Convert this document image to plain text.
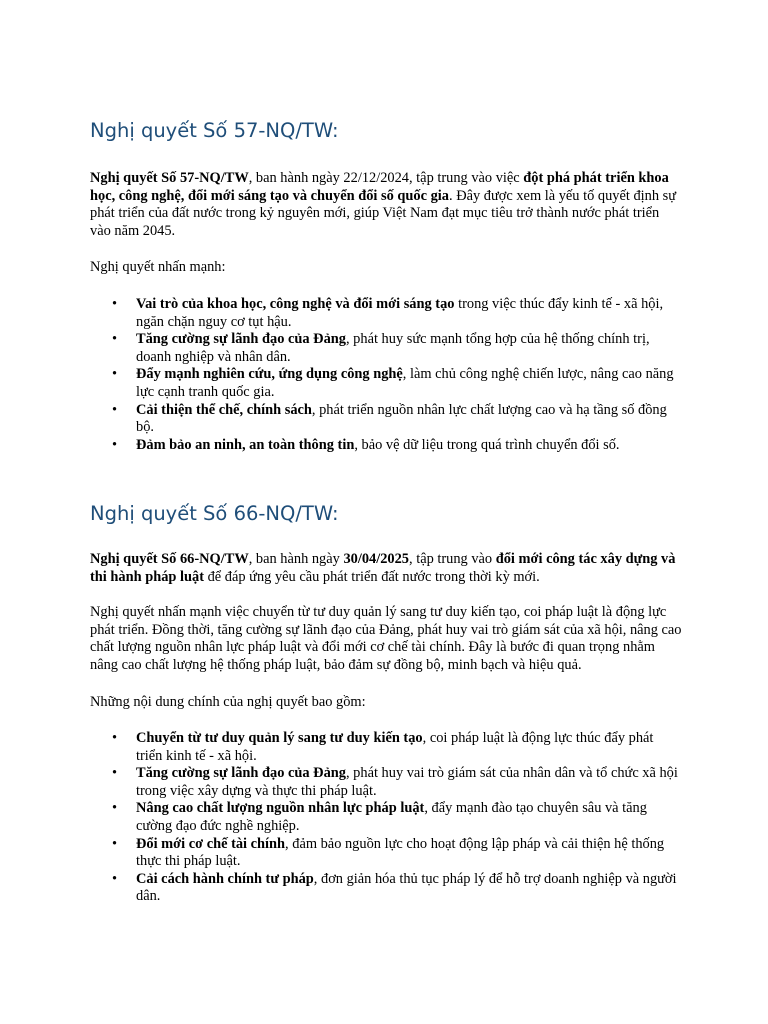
Nghị quyết Số 57-NQ/TW:

Nghị quyết Số 57-NQ/TW, ban hành ngày 22/12/2024, tập trung vào việc đột phá phát triển khoa học, công nghệ, đổi mới sáng tạo và chuyển đổi số quốc gia. Đây được xem là yếu tố quyết định sự phát triển của đất nước trong kỷ nguyên mới, giúp Việt Nam đạt mục tiêu trở thành nước phát triển vào năm 2045.

Nghị quyết nhấn mạnh:

• Vai trò của khoa học, công nghệ và đổi mới sáng tạo trong việc thúc đẩy kinh tế - xã hội, ngăn chặn nguy cơ tụt hậu.
• Tăng cường sự lãnh đạo của Đảng, phát huy sức mạnh tổng hợp của hệ thống chính trị, doanh nghiệp và nhân dân.
• Đẩy mạnh nghiên cứu, ứng dụng công nghệ, làm chủ công nghệ chiến lược, nâng cao năng lực cạnh tranh quốc gia.
• Cải thiện thể chế, chính sách, phát triển nguồn nhân lực chất lượng cao và hạ tầng số đồng bộ.
• Đảm bảo an ninh, an toàn thông tin, bảo vệ dữ liệu trong quá trình chuyển đổi số.
Nghị quyết Số 66-NQ/TW:

Nghị quyết Số 66-NQ/TW, ban hành ngày 30/04/2025, tập trung vào đổi mới công tác xây dựng và thi hành pháp luật để đáp ứng yêu cầu phát triển đất nước trong thời kỳ mới.

Nghị quyết nhấn mạnh việc chuyển từ tư duy quản lý sang tư duy kiến tạo, coi pháp luật là động lực phát triển. Đồng thời, tăng cường sự lãnh đạo của Đảng, phát huy vai trò giám sát của xã hội, nâng cao chất lượng nguồn nhân lực pháp luật và đổi mới cơ chế tài chính. Đây là bước đi quan trọng nhằm nâng cao chất lượng hệ thống pháp luật, bảo đảm sự đồng bộ, minh bạch và hiệu quả.

Những nội dung chính của nghị quyết bao gồm:

• Chuyển từ tư duy quản lý sang tư duy kiến tạo, coi pháp luật là động lực thúc đẩy phát triển kinh tế - xã hội.
• Tăng cường sự lãnh đạo của Đảng, phát huy vai trò giám sát của nhân dân và tổ chức xã hội trong việc xây dựng và thực thi pháp luật.
• Nâng cao chất lượng nguồn nhân lực pháp luật, đẩy mạnh đào tạo chuyên sâu và tăng cường đạo đức nghề nghiệp.
• Đổi mới cơ chế tài chính, đảm bảo nguồn lực cho hoạt động lập pháp và cải thiện hệ thống thực thi pháp luật.
• Cải cách hành chính tư pháp, đơn giản hóa thủ tục pháp lý để hỗ trợ doanh nghiệp và người dân.
